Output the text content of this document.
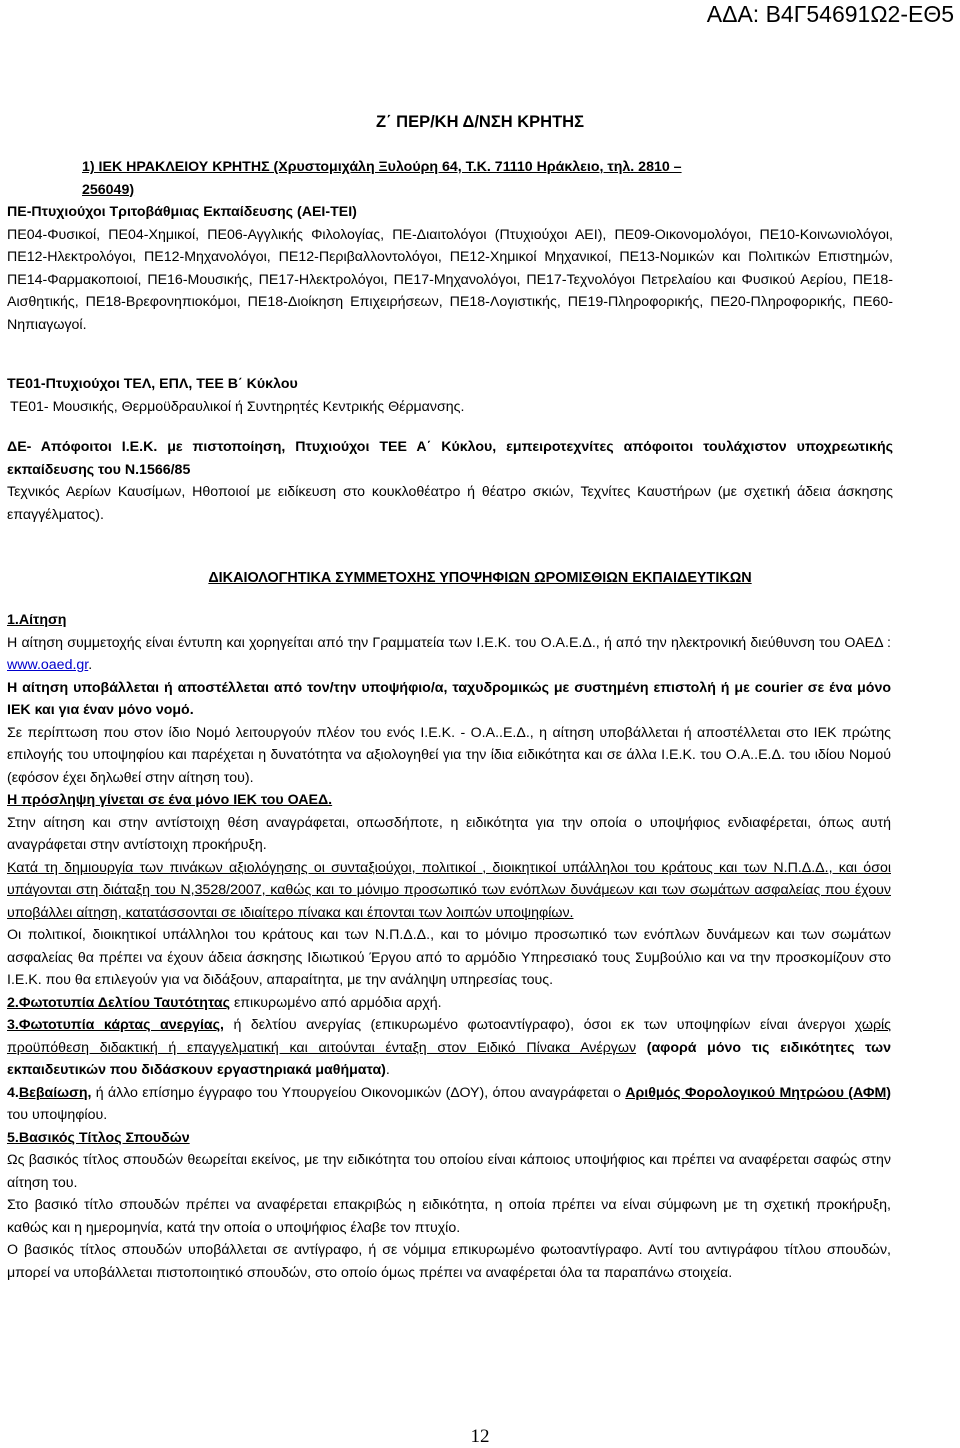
ΑΔΑ: Β4Γ54691Ω2-ΕΘ5
Ζ΄ ΠΕΡ/ΚΗ Δ/ΝΣΗ ΚΡΗΤΗΣ

1) ΙΕΚ ΗΡΑΚΛΕΙΟΥ ΚΡΗΤΗΣ (Χρυστομιχάλη Ξυλούρη 64, Τ.Κ. 71110 Ηράκλειο, τηλ. 2810 –

256049)

ΠΕ-Πτυχιούχοι Τριτοβάθμιας Εκπαίδευσης (ΑΕΙ-ΤΕΙ)

ΠΕ04-Φυσικοί, ΠΕ04-Χημικοί, ΠΕ06-Αγγλικής Φιλολογίας, ΠΕ-Διαιτολόγοι (Πτυχιούχοι ΑΕΙ), ΠΕ09-Οικονομολόγοι, ΠΕ10-Κοινωνιολόγοι, ΠΕ12-Ηλεκτρολόγοι, ΠΕ12-Μηχανολόγοι, ΠΕ12-Περιβαλλοντολόγοι, ΠΕ12-Χημικοί Μηχανικοί, ΠΕ13-Νομικών και Πολιτικών Επιστημών, ΠΕ14-Φαρμακοποιοί, ΠΕ16-Μουσικής, ΠΕ17-Ηλεκτρολόγοι, ΠΕ17-Μηχανολόγοι, ΠΕ17-Τεχνολόγοι Πετρελαίου και Φυσικού Αερίου, ΠΕ18-Αισθητικής, ΠΕ18-Βρεφονηπιοκόμοι, ΠΕ18-Διοίκηση Επιχειρήσεων, ΠΕ18-Λογιστικής, ΠΕ19-Πληροφορικής, ΠΕ20-Πληροφορικής, ΠΕ60-Νηπιαγωγοί.

ΤΕ01-Πτυχιούχοι ΤΕΛ, ΕΠΛ, ΤΕΕ Β΄ Κύκλου

ΤΕ01- Μουσικής, Θερμοϋδραυλικοί ή Συντηρητές Κεντρικής Θέρμανσης.

ΔΕ- Απόφοιτοι Ι.Ε.Κ. με πιστοποίηση, Πτυχιούχοι ΤΕΕ Α΄ Κύκλου, εμπειροτεχνίτες απόφοιτοι τουλάχιστον υποχρεωτικής εκπαίδευσης του Ν.1566/85

Τεχνικός Αερίων Καυσίμων, Ηθοποιοί με ειδίκευση στο κουκλοθέατρο ή θέατρο σκιών, Τεχνίτες Καυστήρων (με σχετική άδεια άσκησης επαγγέλματος).

ΔΙΚΑΙΟΛΟΓΗΤΙΚΑ ΣΥΜΜΕΤΟΧΗΣ ΥΠΟΨΗΦΙΩΝ ΩΡΟΜΙΣΘΙΩΝ ΕΚΠΑΙΔΕΥΤΙΚΩΝ

1.Αίτηση

Η αίτηση συμμετοχής είναι έντυπη και χορηγείται από την Γραμματεία των Ι.Ε.Κ. του Ο.Α.Ε.Δ., ή από την ηλεκτρονική διεύθυνση του ΟΑΕΔ : www.oaed.gr.

Η αίτηση υποβάλλεται ή αποστέλλεται από τον/την υποψήφιο/α, ταχυδρομικώς με συστημένη επιστολή ή με courier σε ένα μόνο ΙΕΚ και για έναν μόνο νομό.

Σε περίπτωση που στον ίδιο Νομό λειτουργούν πλέον του ενός Ι.Ε.Κ. - Ο.Α..Ε.Δ., η αίτηση υποβάλλεται ή αποστέλλεται στο ΙΕΚ πρώτης επιλογής του υποψηφίου και παρέχεται η δυνατότητα να αξιολογηθεί για την ίδια ειδικότητα και σε άλλα Ι.Ε.Κ. του Ο.Α..Ε.Δ. του ιδίου Νομού (εφόσον έχει δηλωθεί στην αίτηση του).

Η πρόσληψη γίνεται σε ένα μόνο ΙΕΚ του ΟΑΕΔ.

Στην αίτηση και στην αντίστοιχη θέση αναγράφεται, οπωσδήποτε, η ειδικότητα για την οποία ο υποψήφιος ενδιαφέρεται, όπως αυτή αναγράφεται στην αντίστοιχη προκήρυξη.

Κατά τη δημιουργία των πινάκων αξιολόγησης οι συνταξιούχοι, πολιτικοί , διοικητικοί υπάλληλοι του κράτους και των Ν.Π.Δ.Δ., και όσοι υπάγονται στη διάταξη του Ν,3528/2007, καθώς και το μόνιμο προσωπικό των ενόπλων δυνάμεων και των σωμάτων ασφαλείας που έχουν υποβάλλει αίτηση, κατατάσσονται σε ιδιαίτερο πίνακα και έπονται των λοιπών υποψηφίων.

Οι πολιτικοί, διοικητικοί υπάλληλοι του κράτους και των Ν.Π.Δ.Δ., και το μόνιμο προσωπικό των ενόπλων δυνάμεων και των σωμάτων ασφαλείας θα πρέπει να έχουν άδεια άσκησης Ιδιωτικού Έργου από το αρμόδιο Υπηρεσιακό τους Συμβούλιο και να την προσκομίζουν στο Ι.Ε.Κ. που θα επιλεγούν για να διδάξουν, απαραίτητα, με την ανάληψη υπηρεσίας τους.

2.Φωτοτυπία Δελτίου Ταυτότητας επικυρωμένο από αρμόδια αρχή.

3.Φωτοτυπία κάρτας ανεργίας, ή δελτίου ανεργίας (επικυρωμένο φωτοαντίγραφο), όσοι εκ των υποψηφίων είναι άνεργοι χωρίς προϋπόθεση διδακτική ή επαγγελματική και αιτούνται ένταξη στον Ειδικό Πίνακα Ανέργων (αφορά μόνο τις ειδικότητες των εκπαιδευτικών που διδάσκουν εργαστηριακά μαθήματα).

4.Βεβαίωση, ή άλλο επίσημο έγγραφο του Υπουργείου Οικονομικών (ΔΟΥ), όπου αναγράφεται ο Αριθμός Φορολογικού Μητρώου (ΑΦΜ) του υποψηφίου.

5.Βασικός Τίτλος Σπουδών

Ως βασικός τίτλος σπουδών θεωρείται εκείνος, με την ειδικότητα του οποίου είναι κάποιος υποψήφιος και πρέπει να αναφέρεται σαφώς στην αίτηση του.

Στο βασικό τίτλο σπουδών πρέπει να αναφέρεται επακριβώς η ειδικότητα, η οποία πρέπει να είναι σύμφωνη με τη σχετική προκήρυξη, καθώς και η ημερομηνία, κατά την οποία ο υποψήφιος έλαβε τον πτυχίο.

Ο βασικός τίτλος σπουδών υποβάλλεται σε αντίγραφο, ή σε νόμιμα επικυρωμένο φωτοαντίγραφο. Αντί του αντιγράφου τίτλου σπουδών, μπορεί να υποβάλλεται πιστοποιητικό σπουδών, στο οποίο όμως πρέπει να αναφέρεται όλα τα παραπάνω στοιχεία.

12
